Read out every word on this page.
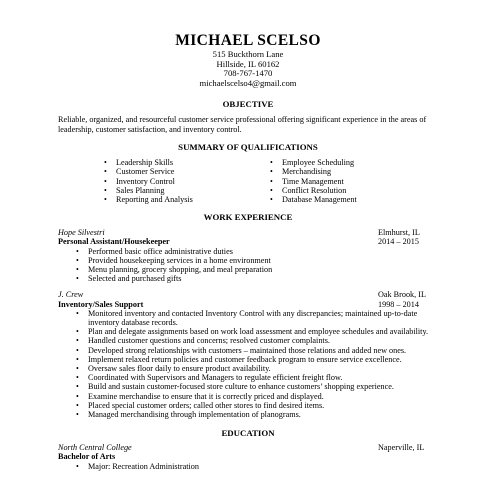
MICHAEL SCELSO
515 Buckthorn Lane
Hillside, IL 60162
708-767-1470
michaelscelso4@gmail.com
OBJECTIVE
Reliable, organized, and resourceful customer service professional offering significant experience in the areas of leadership, customer satisfaction, and inventory control.
SUMMARY OF QUALIFICATIONS
• Leadership Skills
• Customer Service
• Inventory Control
• Sales Planning
• Reporting and Analysis
• Employee Scheduling
• Merchandising
• Time Management
• Conflict Resolution
• Database Management
WORK EXPERIENCE
Hope Silvestri	Elmhurst, IL
Personal Assistant/Housekeeper	2014 – 2015
• Performed basic office administrative duties
• Provided housekeeping services in a home environment
• Menu planning, grocery shopping, and meal preparation
• Selected and purchased gifts
J. Crew	Oak Brook, IL
Inventory/Sales Support	1998 – 2014
• Monitored inventory and contacted Inventory Control with any discrepancies; maintained up-to-date inventory database records.
• Plan and delegate assignments based on work load assessment and employee schedules and availability.
• Handled customer questions and concerns; resolved customer complaints.
• Developed strong relationships with customers – maintained those relations and added new ones.
• Implement relaxed return policies and customer feedback program to ensure service excellence.
• Oversaw sales floor daily to ensure product availability.
• Coordinated with Supervisors and Managers to regulate efficient freight flow.
• Build and sustain customer-focused store culture to enhance customers’ shopping experience.
• Examine merchandise to ensure that it is correctly priced and displayed.
• Placed special customer orders; called other stores to find desired items.
• Managed merchandising through implementation of planograms.
EDUCATION
North Central College	Naperville, IL
Bachelor of Arts
• Major: Recreation Administration
